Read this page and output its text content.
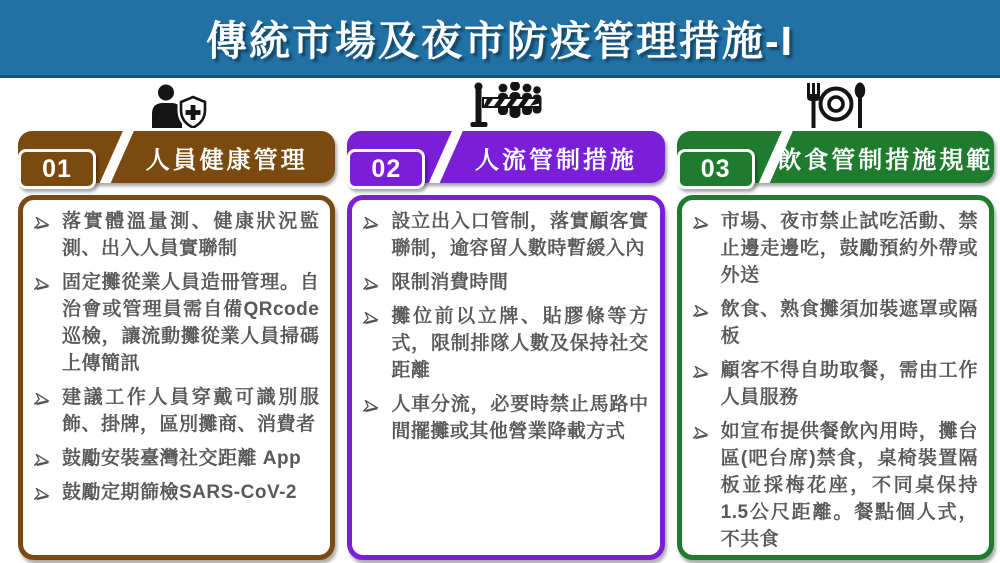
傳統市場及夜市防疫管理措施-I
人員健康管理
01
落實體溫量測、健康狀況監測、出入人員實聯制
固定攤從業人員造冊管理。自治會或管理員需自備QRcode巡檢，讓流動攤從業人員掃碼上傳簡訊
建議工作人員穿戴可識別服飾、掛牌，區別攤商、消費者
鼓勵安裝臺灣社交距離 App
鼓勵定期篩檢SARS-CoV-2
人流管制措施
02
設立出入口管制，落實顧客實聯制，逾容留人數時暫緩入內
限制消費時間
攤位前以立牌、貼膠條等方式，限制排隊人數及保持社交距離
人車分流，必要時禁止馬路中間擺攤或其他營業降載方式
飲食管制措施規範
03
市場、夜市禁止試吃活動、禁止邊走邊吃，鼓勵預約外帶或外送
飲食、熟食攤須加裝遮罩或隔板
顧客不得自助取餐，需由工作人員服務
如宣布提供餐飲內用時，攤台區(吧台席)禁食，桌椅裝置隔板並採梅花座，不同桌保持1.5公尺距離。餐點個人式，不共食
